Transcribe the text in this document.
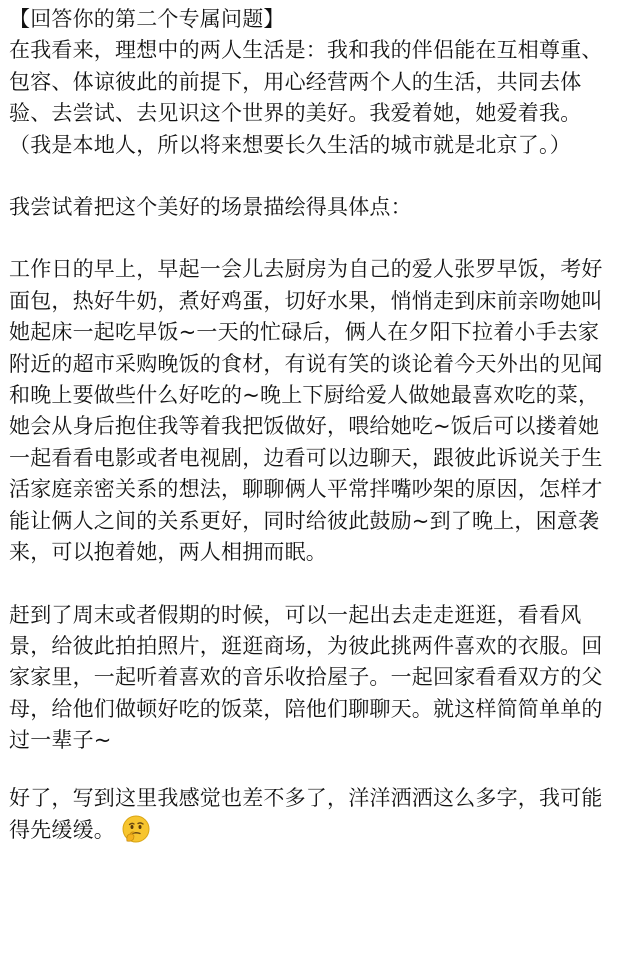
【回答你的第二个专属问题】

在我看来，理想中的两人生活是：我和我的伴侣能在互相尊重、包容、体谅彼此的前提下，用心经营两个人的生活，共同去体验、去尝试、去见识这个世界的美好。我爱着她，她爱着我。（我是本地人，所以将来想要长久生活的城市就是北京了。）

我尝试着把这个美好的场景描绘得具体点：

工作日的早上，早起一会儿去厨房为自己的爱人张罗早饭，考好面包，热好牛奶，煮好鸡蛋，切好水果，悄悄走到床前亲吻她叫她起床一起吃早饭~一天的忙碌后，俩人在夕阳下拉着小手去家附近的超市采购晚饭的食材，有说有笑的谈论着今天外出的见闻和晚上要做些什么好吃的~晚上下厨给爱人做她最喜欢吃的菜，她会从身后抱住我等着我把饭做好，喂给她吃~饭后可以搂着她一起看看电影或者电视剧，边看可以边聊天，跟彼此诉说关于生活家庭亲密关系的想法，聊聊俩人平常拌嘴吵架的原因，怎样才能让俩人之间的关系更好，同时给彼此鼓励~到了晚上，困意袭来，可以抱着她，两人相拥而眠。

赶到了周末或者假期的时候，可以一起出去走走逛逛，看看风景，给彼此拍拍照片，逛逛商场，为彼此挑两件喜欢的衣服。回家家里，一起听着喜欢的音乐收拾屋子。一起回家看看双方的父母，给他们做顿好吃的饭菜，陪他们聊聊天。就这样简简单单的过一辈子~

好了，写到这里我感觉也差不多了，洋洋洒洒这么多字，我可能得先缓缓。
